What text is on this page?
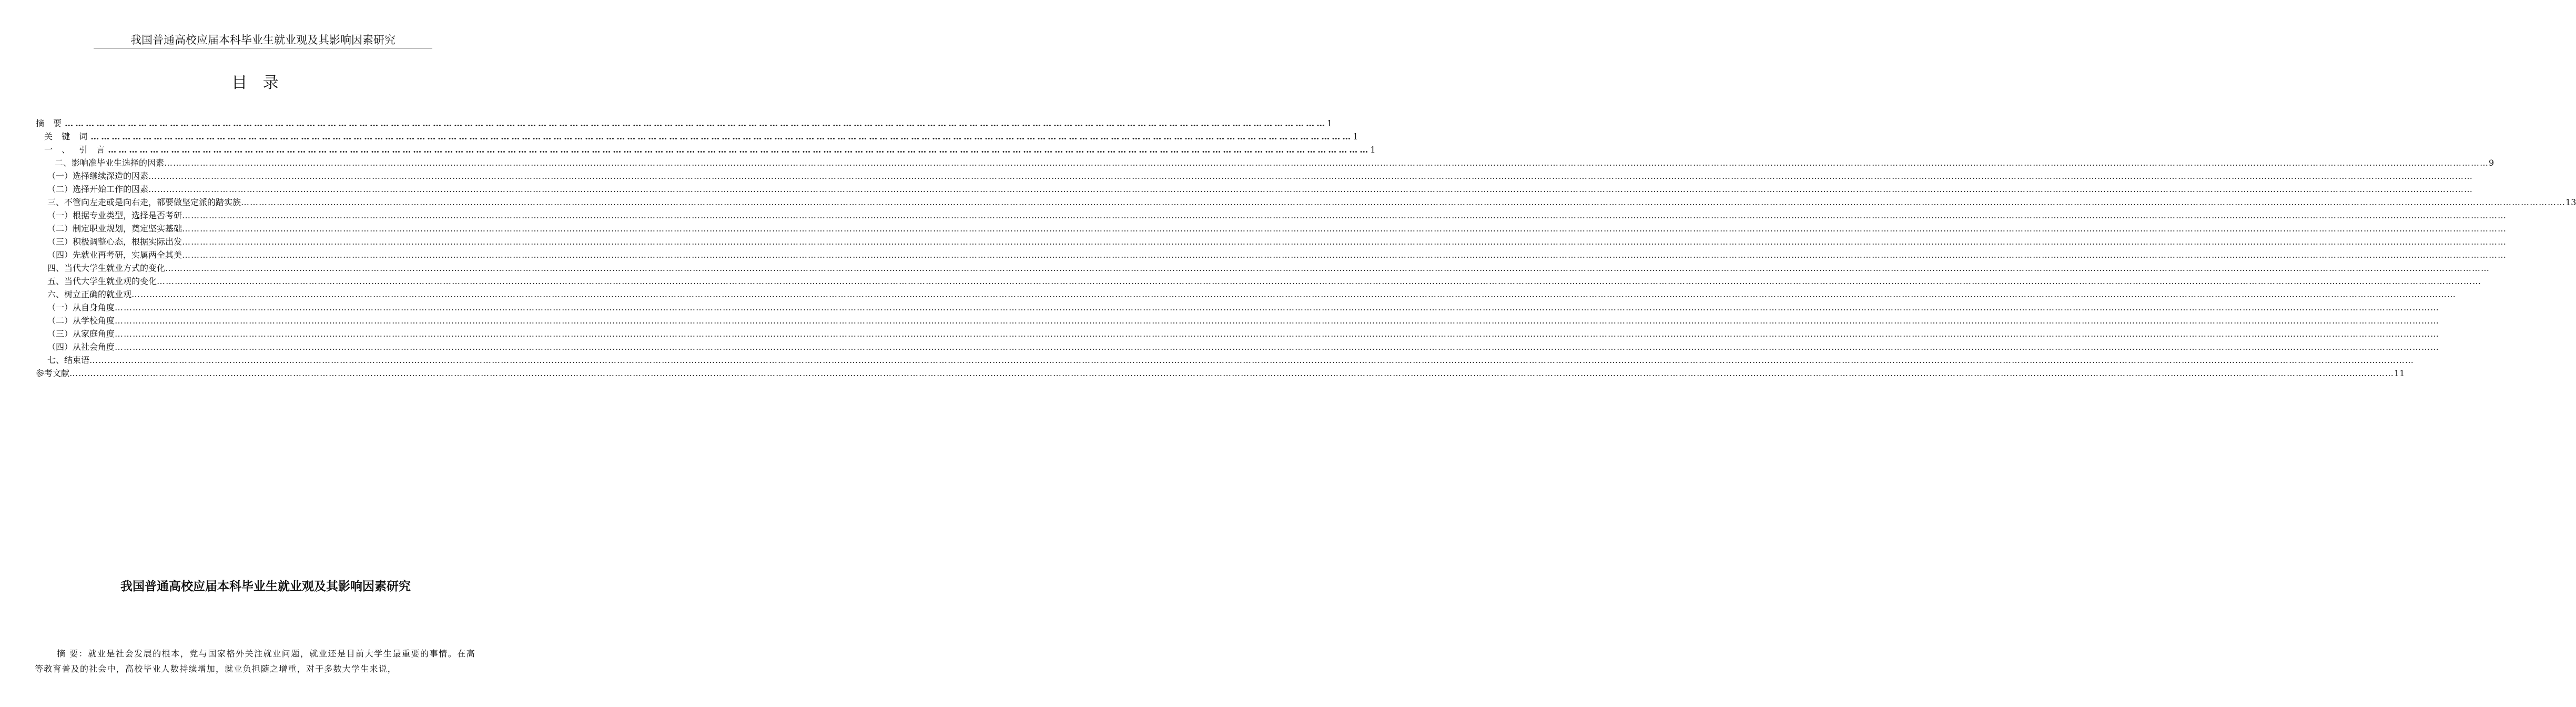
我国普通高校应届本科毕业生就业观及其影响因素研究
目 录
摘 要 ……………………………………………………………………………………………………………………………………………………………………………………………………………………………………………………………………………………………………………………………… 1
关 键 词 ……………………………………………………………………………………………………………………………………………………………………………………………………………………………………………………………………………………………………………………………… 1
一 、 引 言 ……………………………………………………………………………………………………………………………………………………………………………………………………………………………………………………………………………………………………………………………… 1
二、影响准毕业生选择的因素 …………………………………………………………………………………………………………………………………………………………………………………………………………………………………………………………………………………………………………………………………………………………………………………………………………………………………………………………………………………………………………………………………………………………………………………………………………………………………………………………………………………………………………………… 9
（一）选择继续深造的因素 ……………………………………………………………………………………………………………………………………………………………………………………………………………………………………………………………………………………………………………………………………………………………………………………………………………………………………………………………………………………………………………………………………………………………………………………………………………………………………………………………………………………………………………………
（二）选择开始工作的因素 ……………………………………………………………………………………………………………………………………………………………………………………………………………………………………………………………………………………………………………………………………………………………………………………………………………………………………………………………………………………………………………………………………………………………………………………………………………………………………………………………………………………………………………………
三、不管向左走或是向右走，都要做坚定派的踏实族 …………………………………………………………………………………………………………………………………………………………………………………………………………………………………………………………………………………………………………………………………………………………………………………………………………………………………………………………………………………………………………………………………………………………………………………………………………………………………………………………………………………………………………………… 13
（一）根据专业类型，选择是否考研 ……………………………………………………………………………………………………………………………………………………………………………………………………………………………………………………………………………………………………………………………………………………………………………………………………………………………………………………………………………………………………………………………………………………………………………………………………………………………………………………………………………………………………………………
（二）制定职业规划，奠定坚实基础 ……………………………………………………………………………………………………………………………………………………………………………………………………………………………………………………………………………………………………………………………………………………………………………………………………………………………………………………………………………………………………………………………………………………………………………………………………………………………………………………………………………………………………………………
（三）积极调整心态，根据实际出发 ……………………………………………………………………………………………………………………………………………………………………………………………………………………………………………………………………………………………………………………………………………………………………………………………………………………………………………………………………………………………………………………………………………………………………………………………………………………………………………………………………………………………………………………
（四）先就业再考研，实属两全其美 ……………………………………………………………………………………………………………………………………………………………………………………………………………………………………………………………………………………………………………………………………………………………………………………………………………………………………………………………………………………………………………………………………………………………………………………………………………………………………………………………………………………………………………………
四、当代大学生就业方式的变化 ……………………………………………………………………………………………………………………………………………………………………………………………………………………………………………………………………………………………………………………………………………………………………………………………………………………………………………………………………………………………………………………………………………………………………………………………………………………………………………………………………………………………………………………
五、当代大学生就业观的变化 ……………………………………………………………………………………………………………………………………………………………………………………………………………………………………………………………………………………………………………………………………………………………………………………………………………………………………………………………………………………………………………………………………………………………………………………………………………………………………………………………………………………………………………………
六、树立正确的就业观 ……………………………………………………………………………………………………………………………………………………………………………………………………………………………………………………………………………………………………………………………………………………………………………………………………………………………………………………………………………………………………………………………………………………………………………………………………………………………………………………………………………………………………………………
（一）从自身角度 ……………………………………………………………………………………………………………………………………………………………………………………………………………………………………………………………………………………………………………………………………………………………………………………………………………………………………………………………………………………………………………………………………………………………………………………………………………………………………………………………………………………………………………………
（二）从学校角度 ……………………………………………………………………………………………………………………………………………………………………………………………………………………………………………………………………………………………………………………………………………………………………………………………………………………………………………………………………………………………………………………………………………………………………………………………………………………………………………………………………………………………………………………
（三）从家庭角度 ……………………………………………………………………………………………………………………………………………………………………………………………………………………………………………………………………………………………………………………………………………………………………………………………………………………………………………………………………………………………………………………………………………………………………………………………………………………………………………………………………………………………………………………
（四）从社会角度 ……………………………………………………………………………………………………………………………………………………………………………………………………………………………………………………………………………………………………………………………………………………………………………………………………………………………………………………………………………………………………………………………………………………………………………………………………………………………………………………………………………………………………………………
七、结束语 ……………………………………………………………………………………………………………………………………………………………………………………………………………………………………………………………………………………………………………………………………………………………………………………………………………………………………………………………………………………………………………………………………………………………………………………………………………………………………………………………………………………………………………………
参考文献 …………………………………………………………………………………………………………………………………………………………………………………………………………………………………………………………………………………………………………………………………………………………………………………………………………………………………………………………………………………………………………………………………………………………………………………………………………………………………………………………………………………………………………………… 11
我国普通高校应届本科毕业生就业观及其影响因素研究
摘 要：就业是社会发展的根本，党与国家格外关注就业问题，就业还是目前大学生最重要的事情。在高等教育普及的社会中，高校毕业人数持续增加，就业负担随之增重，对于多数大学生来说，
